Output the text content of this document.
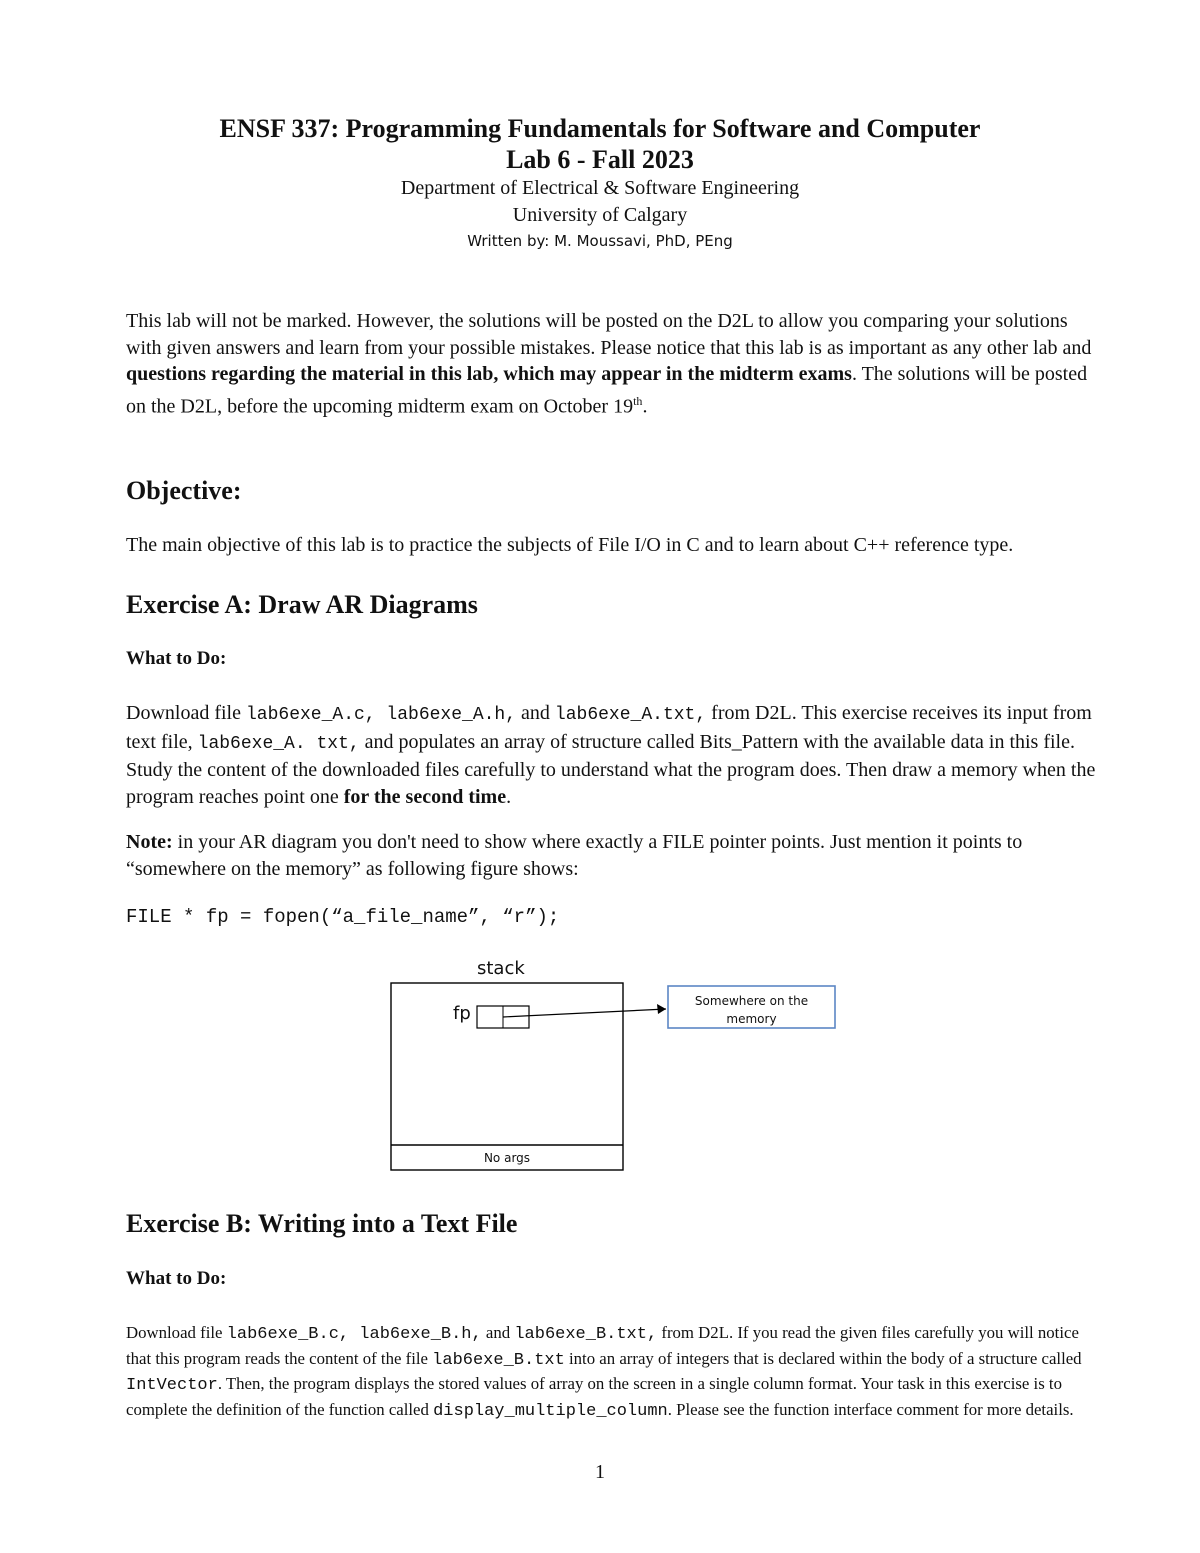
ENSF 337: Programming Fundamentals for Software and Computer
Lab 6 - Fall 2023
Department of Electrical & Software Engineering
University of Calgary
Written by: M. Moussavi, PhD, PEng
This lab will not be marked. However, the solutions will be posted on the D2L to allow you comparing your solutions with given answers and learn from your possible mistakes. Please notice that this lab is as important as any other lab and questions regarding the material in this lab, which may appear in the midterm exams. The solutions will be posted on the D2L, before the upcoming midterm exam on October 19th.
Objective:
The main objective of this lab is to practice the subjects of File I/O in C and to learn about C++ reference type.
Exercise A: Draw AR Diagrams
What to Do:
Download file lab6exe_A.c, lab6exe_A.h, and lab6exe_A.txt, from D2L. This exercise receives its input from text file, lab6exe_A. txt, and populates an array of structure called Bits_Pattern with the available data in this file. Study the content of the downloaded files carefully to understand what the program does. Then draw a memory when the program reaches point one for the second time.
Note: in your AR diagram you don't need to show where exactly a FILE pointer points. Just mention it points to “somewhere on the memory” as following figure shows:
FILE * fp = fopen(“a_file_name”, “r”);
stack
fp
Somewhere on the
memory
No args
Exercise B: Writing into a Text File
What to Do:
Download file lab6exe_B.c, lab6exe_B.h, and lab6exe_B.txt, from D2L. If you read the given files carefully you will notice that this program reads the content of the file lab6exe_B.txt into an array of integers that is declared within the body of a structure called IntVector. Then, the program displays the stored values of array on the screen in a single column format. Your task in this exercise is to complete the definition of the function called display_multiple_column. Please see the function interface comment for more details.
1
